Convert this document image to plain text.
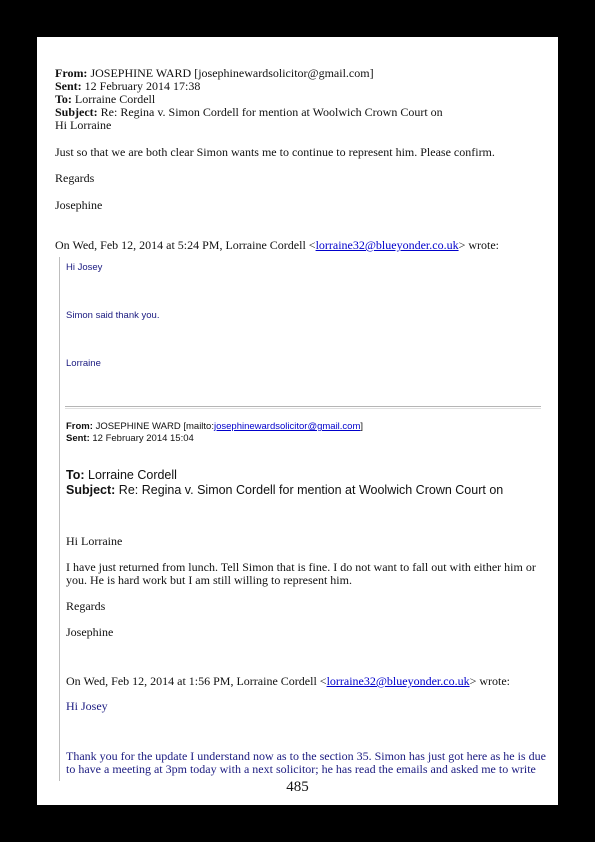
From: JOSEPHINE WARD [josephinewardsolicitor@gmail.com]
Sent: 12 February 2014 17:38
To: Lorraine Cordell
Subject: Re: Regina v. Simon Cordell for mention at Woolwich Crown Court on
Hi Lorraine
Just so that we are both clear Simon wants me to continue to represent him. Please confirm.
Regards
Josephine
On Wed, Feb 12, 2014 at 5:24 PM, Lorraine Cordell <lorraine32@blueyonder.co.uk> wrote:
Hi Josey
Simon said thank you.
Lorraine
From: JOSEPHINE WARD [mailto:josephinewardsolicitor@gmail.com]
Sent: 12 February 2014 15:04
To: Lorraine Cordell
Subject: Re: Regina v. Simon Cordell for mention at Woolwich Crown Court on
Hi Lorraine
I have just returned from lunch. Tell Simon that is fine. I do not want to fall out with either him or
you. He is hard work but I am still willing to represent him.
Regards
Josephine
On Wed, Feb 12, 2014 at 1:56 PM, Lorraine Cordell <lorraine32@blueyonder.co.uk> wrote:
Hi Josey
Thank you for the update I understand now as to the section 35. Simon has just got here as he is due
to have a meeting at 3pm today with a next solicitor; he has read the emails and asked me to write
485
